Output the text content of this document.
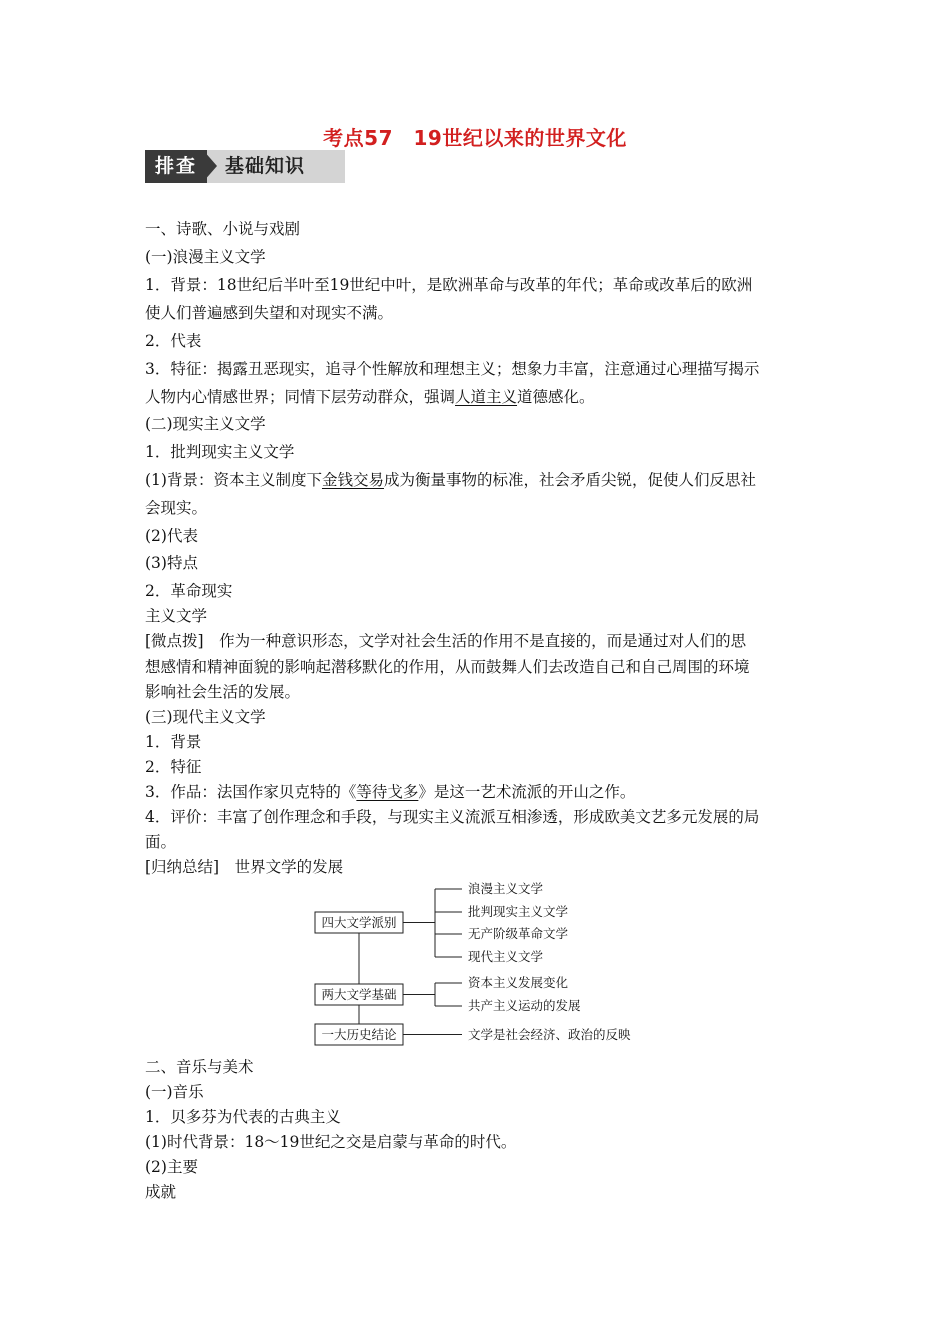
考点57　19世纪以来的世界文化
排查	基础知识
一、诗歌、小说与戏剧
(一)浪漫主义文学
1．背景：18世纪后半叶至19世纪中叶，是欧洲革命与改革的年代；革命或改革后的欧洲
使人们普遍感到失望和对现实不满。
2．代表
3．特征：揭露丑恶现实，追寻个性解放和理想主义；想象力丰富，注意通过心理描写揭示
人物内心情感世界；同情下层劳动群众，强调人道主义道德感化。
(二)现实主义文学
1．批判现实主义文学
(1)背景：资本主义制度下金钱交易成为衡量事物的标准，社会矛盾尖锐，促使人们反思社
会现实。
(2)代表
(3)特点
2．革命现实
主义文学
[微点拨]　作为一种意识形态，文学对社会生活的作用不是直接的，而是通过对人们的思
想感情和精神面貌的影响起潜移默化的作用，从而鼓舞人们去改造自己和自己周围的环境
影响社会生活的发展。
(三)现代主义文学
1．背景
2．特征
3．作品：法国作家贝克特的《等待戈多》是这一艺术流派的开山之作。
4．评价：丰富了创作理念和手段，与现实主义流派互相渗透，形成欧美文艺多元发展的局
面。
[归纳总结]　世界文学的发展
四大文学派别
浪漫主义文学
批判现实主义文学
无产阶级革命文学
现代主义文学
两大文学基础
资本主义发展变化
共产主义运动的发展
一大历史结论	文学是社会经济、政治的反映
二、音乐与美术
(一)音乐
1．贝多芬为代表的古典主义
(1)时代背景：18～19世纪之交是启蒙与革命的时代。
(2)主要
成就
